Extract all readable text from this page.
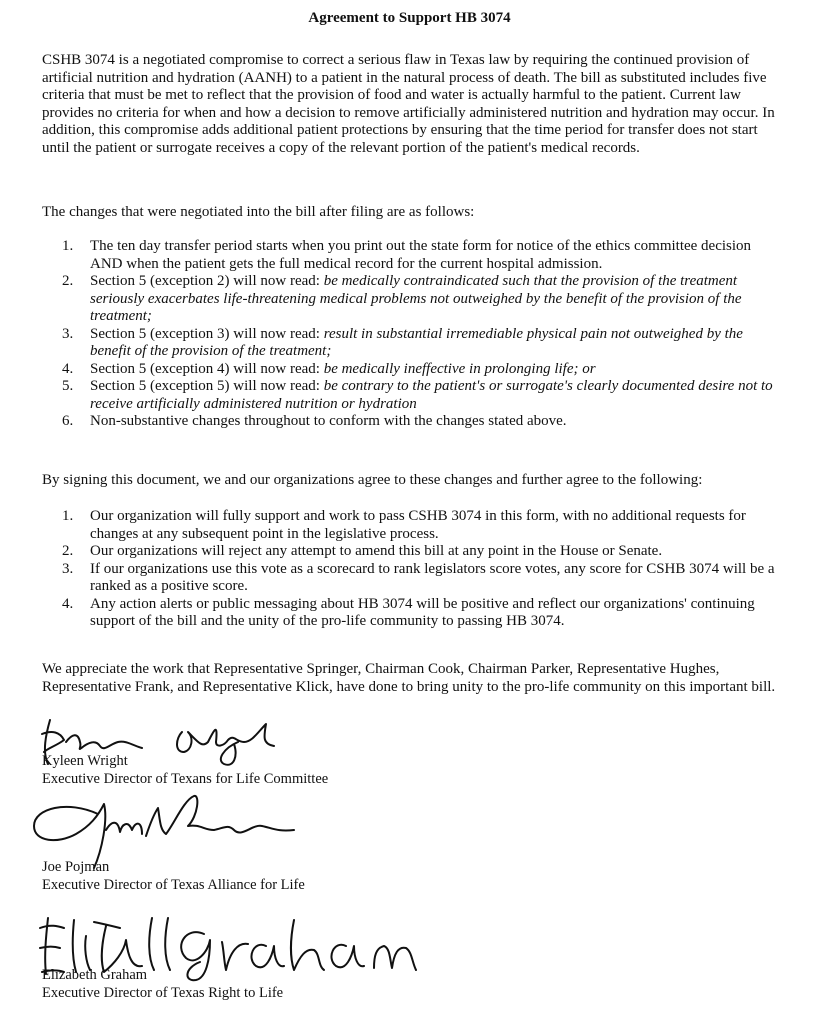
Agreement to Support HB 3074

CSHB 3074 is a negotiated compromise to correct a serious flaw in Texas law by requiring the continued provision of artificial nutrition and hydration (AANH) to a patient in the natural process of death. The bill as substituted includes five criteria that must be met to reflect that the provision of food and water is actually harmful to the patient. Current law provides no criteria for when and how a decision to remove artificially administered nutrition and hydration may occur. In addition, this compromise adds additional patient protections by ensuring that the time period for transfer does not start until the patient or surrogate receives a copy of the relevant portion of the patient's medical records.

The changes that were negotiated into the bill after filing are as follows:

1. The ten day transfer period starts when you print out the state form for notice of the ethics committee decision AND when the patient gets the full medical record for the current hospital admission.
2. Section 5 (exception 2) will now read: be medically contraindicated such that the provision of the treatment seriously exacerbates life-threatening medical problems not outweighed by the benefit of the provision of the treatment;
3. Section 5 (exception 3) will now read: result in substantial irremediable physical pain not outweighed by the benefit of the provision of the treatment;
4. Section 5 (exception 4) will now read: be medically ineffective in prolonging life; or
5. Section 5 (exception 5) will now read: be contrary to the patient's or surrogate's clearly documented desire not to receive artificially administered nutrition or hydration
6. Non-substantive changes throughout to conform with the changes stated above.

By signing this document, we and our organizations agree to these changes and further agree to the following:

1. Our organization will fully support and work to pass CSHB 3074 in this form, with no additional requests for changes at any subsequent point in the legislative process.
2. Our organizations will reject any attempt to amend this bill at any point in the House or Senate.
3. If our organizations use this vote as a scorecard to rank legislators score votes, any score for CSHB 3074 will be a ranked as a positive score.
4. Any action alerts or public messaging about HB 3074 will be positive and reflect our organizations' continuing support of the bill and the unity of the pro-life community to passing HB 3074.

We appreciate the work that Representative Springer, Chairman Cook, Chairman Parker, Representative Hughes, Representative Frank, and Representative Klick, have done to bring unity to the pro-life community on this important bill.

Kyleen Wright
Executive Director of Texans for Life Committee
Joe Pojman
Executive Director of Texas Alliance for Life
Elizabeth Graham
Executive Director of Texas Right to Life
